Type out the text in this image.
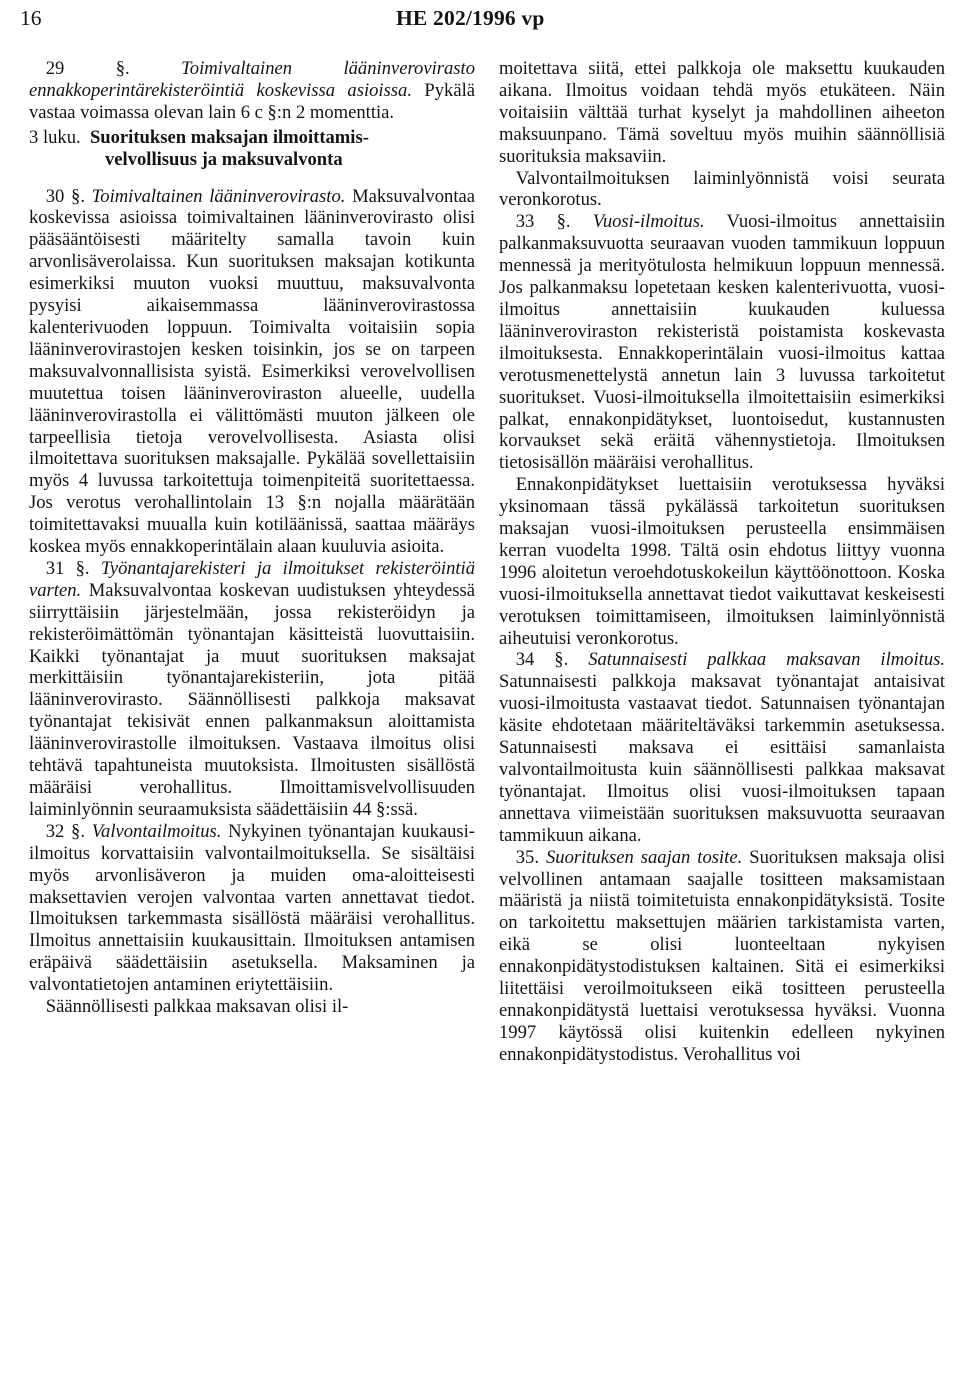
16	HE 202/1996 vp

29 §.	Toimivaltainen lääninverovirasto ennakkoperintärekisteröintiä koskevissa asioissa. Pykälä vastaa voimassa olevan lain 6 c §:n 2 momenttia.

3 luku. Suorituksen maksajan ilmoittamis-
velvollisuus ja maksuvalvonta

30 §. Toimivaltainen lääninverovirasto. Maksuvalvontaa koskevissa asioissa toimivaltainen lääninverovirasto olisi pääsääntöisesti määritelty samalla tavoin kuin arvonlisäverolaissa. Kun suorituksen maksajan kotikunta esimerkiksi muuton vuoksi muuttuu, maksuvalvonta pysyisi aikaisemmassa lääninverovirastossa kalenterivuoden loppuun. Toimivalta voitaisiin sopia lääninverovirastojen kesken toisinkin, jos se on tarpeen maksuvalvonnallisista syistä. Esimerkiksi verovelvollisen muutettua toisen lääninveroviraston alueelle, uudella lääninverovirastolla ei välittömästi muuton jälkeen ole tarpeellisia tietoja verovelvollisesta. Asiasta olisi ilmoitettava suorituksen maksajalle. Pykälää sovellettaisiin myös 4 luvussa tarkoitettuja toimenpiteitä suoritettaessa. Jos verotus verohallintolain 13 §:n nojalla määrätään toimitettavaksi muualla kuin kotiläänissä, saattaa määräys koskea myös ennakkoperintälain alaan kuuluvia asioita.

31 §. Työnantajarekisteri ja ilmoitukset rekisteröintiä varten. Maksuvalvontaa koskevan uudistuksen yhteydessä siirryttäisiin järjestelmään, jossa rekisteröidyn ja rekisteröimättömän työnantajan käsitteistä luovuttaisiin. Kaikki työnantajat ja muut suorituksen maksajat merkittäisiin työnantajarekisteriin, jota pitää lääninverovirasto. Säännöllisesti palkkoja maksavat työnantajat tekisivät ennen palkanmaksun aloittamista lääninverovirastolle ilmoituksen. Vastaava ilmoitus olisi tehtävä tapahtuneista muutoksista. Ilmoitusten sisällöstä määräisi verohallitus. Ilmoittamisvelvollisuuden laiminlyönnin seuraamuksista säädettäisiin 44 §:ssä.

32 §. Valvontailmoitus. Nykyinen työnantajan kuukausi-ilmoitus korvattaisiin valvontailmoituksella. Se sisältäisi myös arvonlisäveron ja muiden oma-aloitteisesti maksettavien verojen valvontaa varten annettavat tiedot. Ilmoituksen tarkemmasta sisällöstä määräisi verohallitus. Ilmoitus annettaisiin kuukausittain. Ilmoituksen antamisen eräpäivä säädettäisiin asetuksella. Maksaminen ja valvontatietojen antaminen eriytettäisiin.

Säännöllisesti palkkaa maksavan olisi il-

moitettava siitä, ettei palkkoja ole maksettu kuukauden aikana. Ilmoitus voidaan tehdä myös etukäteen. Näin voitaisiin välttää turhat kyselyt ja mahdollinen aiheeton maksuunpano. Tämä soveltuu myös muihin säännöllisiä suorituksia maksaviin.

Valvontailmoituksen laiminlyönnistä voisi seurata veronkorotus.

33 §. Vuosi-ilmoitus. Vuosi-ilmoitus annettaisiin palkanmaksuvuotta seuraavan vuoden tammikuun loppuun mennessä ja merityötulosta helmikuun loppuun mennessä. Jos palkanmaksu lopetetaan kesken kalenterivuotta, vuosi-ilmoitus annettaisiin kuukauden kuluessa lääninveroviraston rekisteristä poistamista koskevasta ilmoituksesta. Ennakkoperintälain vuosi-ilmoitus kattaa verotusmenettelystä annetun lain 3 luvussa tarkoitetut suoritukset. Vuosi-ilmoituksella ilmoitettaisiin esimerkiksi palkat, ennakonpidätykset, luontoisedut, kustannusten korvaukset sekä eräitä vähennystietoja. Ilmoituksen tietosisällön määräisi verohallitus.

Ennakonpidätykset luettaisiin verotuksessa hyväksi yksinomaan tässä pykälässä tarkoitetun suorituksen maksajan vuosi-ilmoituksen perusteella ensimmäisen kerran vuodelta 1998. Tältä osin ehdotus liittyy vuonna 1996 aloitetun veroehdotuskokeilun käyttöönottoon. Koska vuosi-ilmoituksella annettavat tiedot vaikuttavat keskeisesti verotuksen toimittamiseen, ilmoituksen laiminlyönnistä aiheutuisi veronkorotus.

34 §. Satunnaisesti palkkaa maksavan ilmoitus. Satunnaisesti palkkoja maksavat työnantajat antaisivat vuosi-ilmoitusta vastaavat tiedot. Satunnaisen työnantajan käsite ehdotetaan määriteltäväksi tarkemmin asetuksessa. Satunnaisesti maksava ei esittäisi samanlaista valvontailmoitusta kuin säännöllisesti palkkaa maksavat työnantajat. Ilmoitus olisi vuosi-ilmoituksen tapaan annettava viimeistään suorituksen maksuvuotta seuraavan tammikuun aikana.

35. Suorituksen saajan tosite. Suorituksen maksaja olisi velvollinen antamaan saajalle tositteen maksamistaan määristä ja niistä toimitetuista ennakonpidätyksistä. Tosite on tarkoitettu maksettujen määrien tarkistamista varten, eikä se olisi luonteeltaan nykyisen ennakonpidätystodistuksen kaltainen. Sitä ei esimerkiksi liitettäisi veroilmoitukseen eikä tositteen perusteella ennakonpidätystä luettaisi verotuksessa hyväksi. Vuonna 1997 käytössä olisi kuitenkin edelleen nykyinen ennakonpidätystodistus. Verohallitus voi
